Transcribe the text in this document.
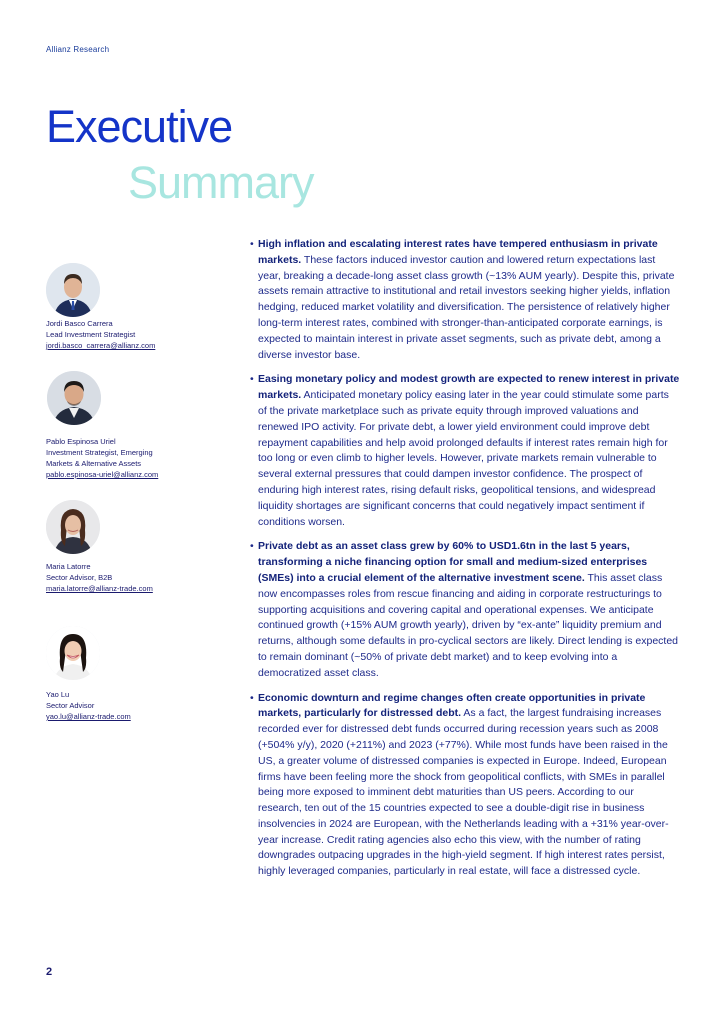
Allianz Research
Executive
Summary
Jordi Basco Carrera
Lead Investment Strategist
jordi.basco_carrera@allianz.com
Pablo Espinosa Uriel
Investment Strategist, Emerging
Markets & Alternative Assets
pablo.espinosa-uriel@allianz.com
Maria Latorre
Sector Advisor, B2B
maria.latorre@allianz-trade.com
Yao Lu
Sector Advisor
yao.lu@allianz-trade.com

• High inflation and escalating interest rates have tempered enthusiasm in private markets. These factors induced investor caution and lowered return expectations last year, breaking a decade-long asset class growth (~13% AUM yearly). Despite this, private assets remain attractive to institutional and retail investors seeking higher yields, inflation hedging, reduced market volatility and diversification. The persistence of relatively higher long-term interest rates, combined with stronger-than-anticipated corporate earnings, is expected to maintain interest in private asset segments, such as private debt, among a diverse investor base.

• Easing monetary policy and modest growth are expected to renew interest in private markets. Anticipated monetary policy easing later in the year could stimulate some parts of the private marketplace such as private equity through improved valuations and renewed IPO activity. For private debt, a lower yield environment could improve debt repayment capabilities and help avoid prolonged defaults if interest rates remain high for too long or even climb to higher levels. However, private markets remain vulnerable to several external pressures that could dampen investor confidence. The prospect of enduring high interest rates, rising default risks, geopolitical tensions, and widespread liquidity shortages are significant concerns that could negatively impact sentiment if conditions worsen.

• Private debt as an asset class grew by 60% to USD1.6tn in the last 5 years, transforming a niche financing option for small and medium-sized enterprises (SMEs) into a crucial element of the alternative investment scene. This asset class now encompasses roles from rescue financing and aiding in corporate restructurings to supporting acquisitions and covering capital and operational expenses. We anticipate continued growth (+15% AUM growth yearly), driven by “ex-ante” liquidity premium and returns, although some defaults in pro-cyclical sectors are likely. Direct lending is expected to remain dominant (~50% of private debt market) and to keep evolving into a democratized asset class.

• Economic downturn and regime changes often create opportunities in private markets, particularly for distressed debt. As a fact, the largest fundraising increases recorded ever for distressed debt funds occurred during recession years such as 2008 (+504% y/y), 2020 (+211%) and 2023 (+77%). While most funds have been raised in the US, a greater volume of distressed companies is expected in Europe. Indeed, European firms have been feeling more the shock from geopolitical conflicts, with SMEs in parallel being more exposed to imminent debt maturities than US peers. According to our research, ten out of the 15 countries expected to see a double-digit rise in business insolvencies in 2024 are European, with the Netherlands leading with a +31% year-over-year increase. Credit rating agencies also echo this view, with the number of rating downgrades outpacing upgrades in the high-yield segment. If high interest rates persist, highly leveraged companies, particularly in real estate, will face a distressed cycle.

2
